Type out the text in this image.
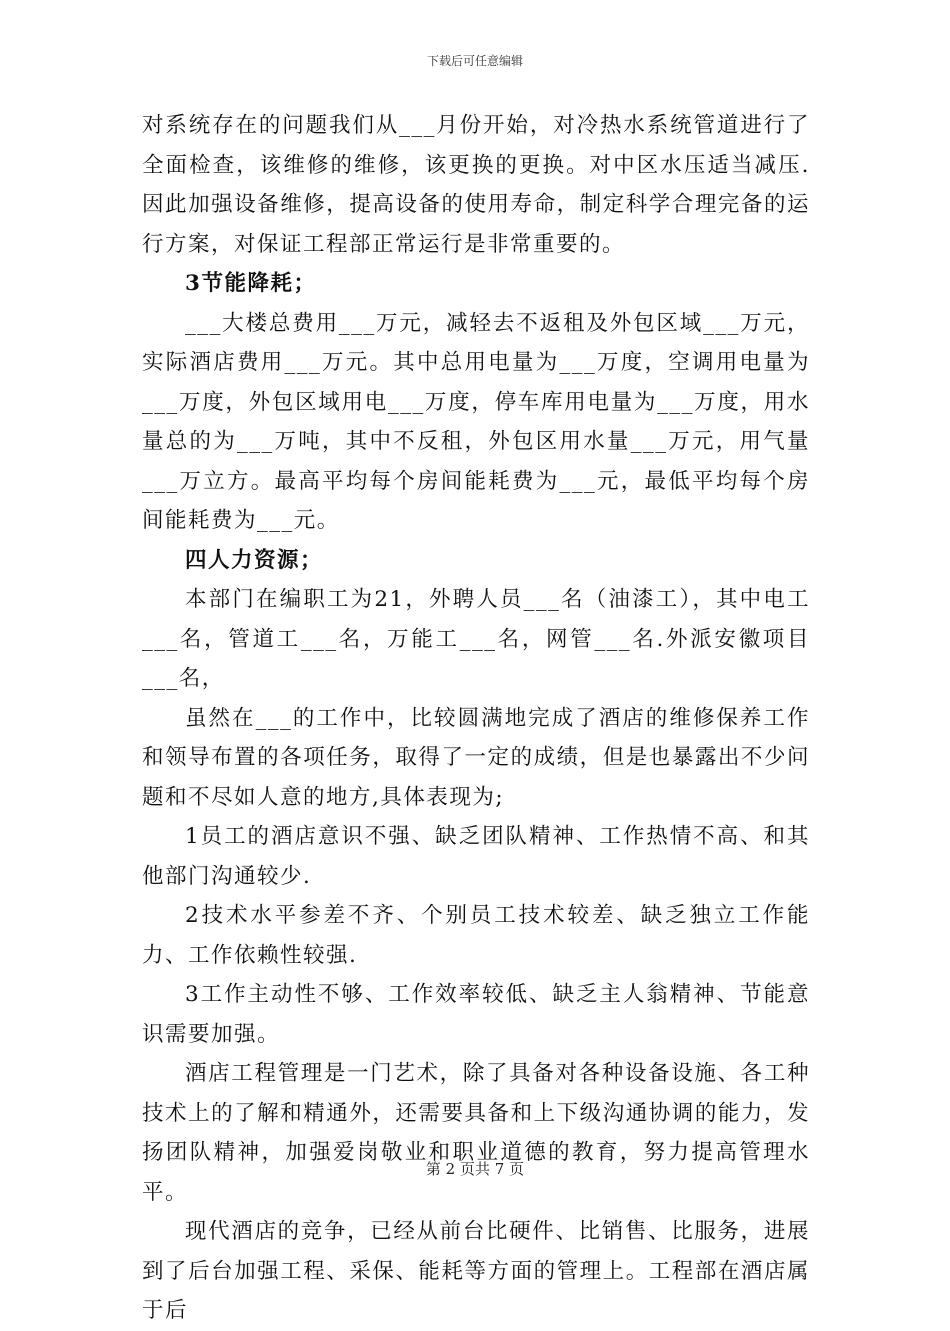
下载后可任意编辑

对系统存在的问题我们从___月份开始，对冷热水系统管道进行了全面检查，该维修的维修，该更换的更换。对中区水压适当减压.因此加强设备维修，提高设备的使用寿命，制定科学合理完备的运行方案，对保证工程部正常运行是非常重要的。

3节能降耗；

___大楼总费用___万元，减轻去不返租及外包区域___万元，实际酒店费用___万元。其中总用电量为___万度，空调用电量为___万度，外包区域用电___万度，停车库用电量为___万度，用水量总的为___万吨，其中不反租，外包区用水量___万元，用气量___万立方。最高平均每个房间能耗费为___元，最低平均每个房间能耗费为___元。

四人力资源；

本部门在编职工为21，外聘人员___名（油漆工），其中电工___名，管道工___名，万能工___名，网管___名.外派安徽项目___名，

虽然在___的工作中，比较圆满地完成了酒店的维修保养工作和领导布置的各项任务，取得了一定的成绩，但是也暴露出不少问题和不尽如人意的地方,具体表现为;

1员工的酒店意识不强、缺乏团队精神、工作热情不高、和其他部门沟通较少.

2技术水平参差不齐、个别员工技术较差、缺乏独立工作能力、工作依赖性较强.

3工作主动性不够、工作效率较低、缺乏主人翁精神、节能意识需要加强。

酒店工程管理是一门艺术，除了具备对各种设备设施、各工种技术上的了解和精通外，还需要具备和上下级沟通协调的能力，发扬团队精神，加强爱岗敬业和职业道德的教育，努力提高管理水平。

现代酒店的竞争，已经从前台比硬件、比销售、比服务，进展到了后台加强工程、采保、能耗等方面的管理上。工程部在酒店属于后

第 2 页共 7 页
